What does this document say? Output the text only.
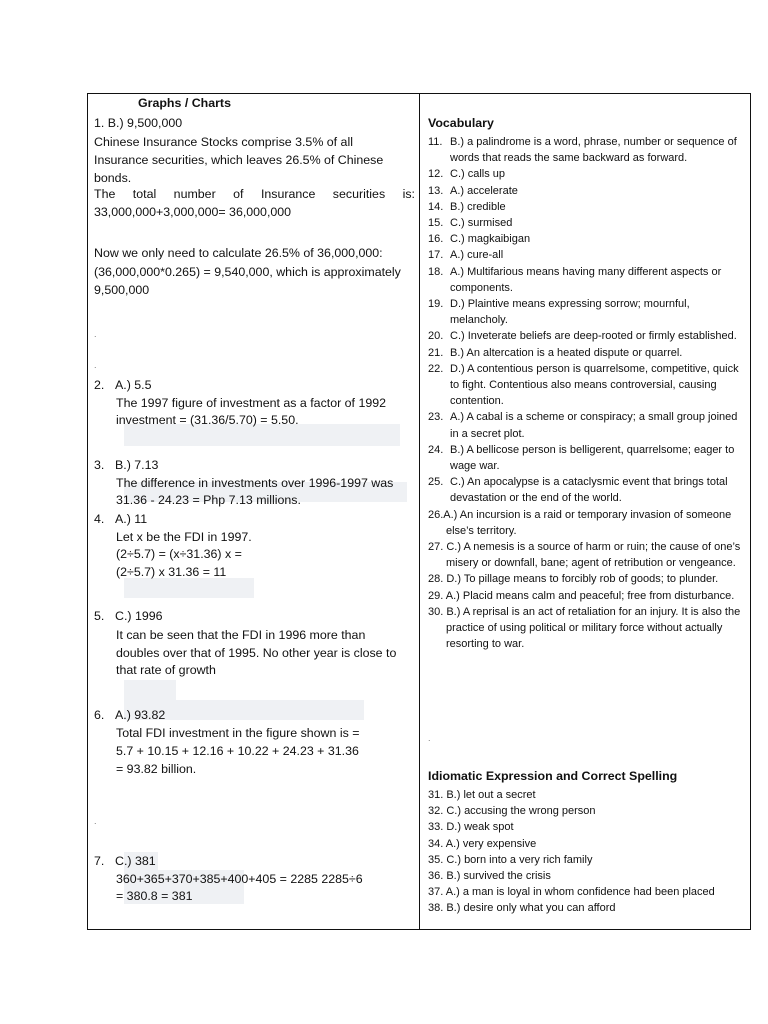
Graphs / Charts
1. B.) 9,500,000
Chinese Insurance Stocks comprise 3.5% of all
Insurance securities, which leaves 26.5% of Chinese
bonds.
The total number of Insurance securities is:
33,000,000+3,000,000= 36,000,000
Now we only need to calculate 26.5% of 36,000,000:
(36,000,000*0.265) = 9,540,000, which is approximately
9,500,000
.
.
2. A.) 5.5
The 1997 figure of investment as a factor of 1992
investment = (31.36/5.70) = 5.50.
3. B.) 7.13
The difference in investments over 1996-1997 was
31.36 - 24.23 = Php 7.13 millions.
4. A.) 11
Let x be the FDI in 1997.
(2÷5.7) = (x÷31.36) x =
(2÷5.7) x 31.36 = 11
5. C.) 1996
It can be seen that the FDI in 1996 more than
doubles over that of 1995. No other year is close to
that rate of growth
6. A.) 93.82
Total FDI investment in the figure shown is =
5.7 + 10.15 + 12.16 + 10.22 + 24.23 + 31.36
= 93.82 billion.
.
7. C.) 381
360+365+370+385+400+405 = 2285 2285÷6
= 380.8 = 381
Vocabulary
11. B.) a palindrome is a word, phrase, number or sequence of words that reads the same backward as forward.
12. C.) calls up
13. A.) accelerate
14. B.) credible
15. C.) surmised
16. C.) magkaibigan
17. A.) cure-all
18. A.) Multifarious means having many different aspects or components.
19. D.) Plaintive means expressing sorrow; mournful, melancholy.
20. C.) Inveterate beliefs are deep-rooted or firmly established.
21. B.) An altercation is a heated dispute or quarrel.
22. D.) A contentious person is quarrelsome, competitive, quick to fight. Contentious also means controversial, causing contention.
23. A.) A cabal is a scheme or conspiracy; a small group joined in a secret plot.
24. B.) A bellicose person is belligerent, quarrelsome; eager to wage war.
25. C.) An apocalypse is a cataclysmic event that brings total devastation or the end of the world.
26.A.) An incursion is a raid or temporary invasion of someone else’s territory.
27. C.) A nemesis is a source of harm or ruin; the cause of one’s misery or downfall, bane; agent of retribution or vengeance.
28. D.) To pillage means to forcibly rob of goods; to plunder.
29. A.) Placid means calm and peaceful; free from disturbance.
30. B.) A reprisal is an act of retaliation for an injury. It is also the practice of using political or military force without actually resorting to war.
.
Idiomatic Expression and Correct Spelling
31. B.) let out a secret
32. C.) accusing the wrong person
33. D.) weak spot
34. A.) very expensive
35. C.) born into a very rich family
36. B.) survived the crisis
37. A.) a man is loyal in whom confidence had been placed
38. B.) desire only what you can afford
